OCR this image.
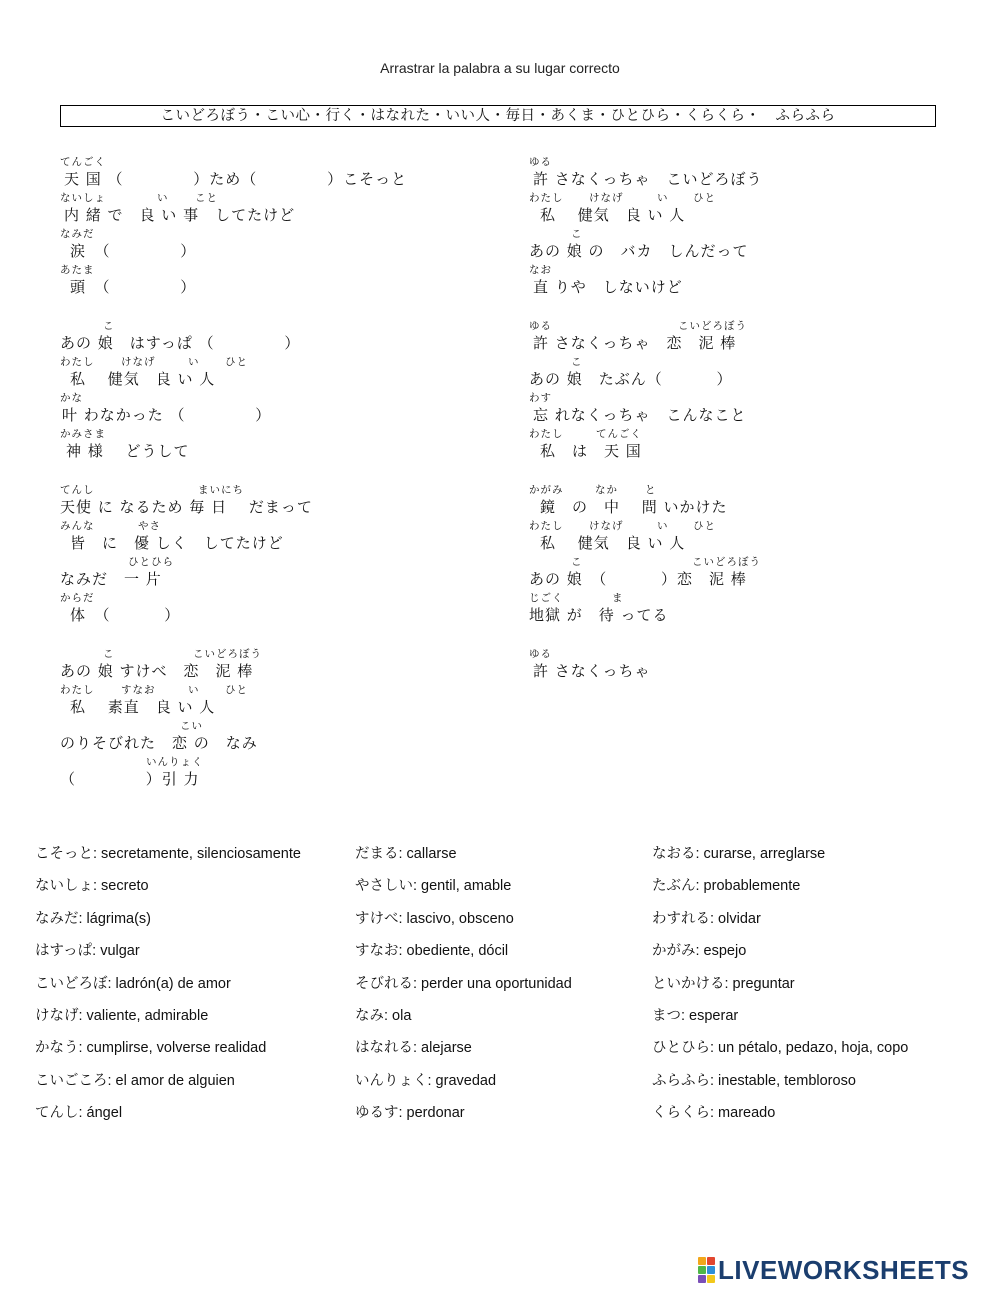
Arrastrar la palabra a su lugar correcto
こいどろぼう・こい心・行く・はなれた・いい人・毎日・あくま・ひとひら・くらくら・　ふらふら
天 国 （　　　　 ）ため（　　　　 ）こそっと
てんごく
内 緒 で　良 い 事　してたけど
ないしょ	い	こと
涙　（　　　　 ）
なみだ
頭　（　　　　 ）
あたま
あの 娘　はすっぱ （　　　　 ）
こ
私　 健気　良 い 人
わたし	けなげ	い ひと
叶 わなかった （　　　　 ）
かな
神 様　 どうして
かみさま
天使 に なるため 毎 日　 だまって
てんし	まいにち
皆　に　優 しく　してたけど
みんな	やさ
なみだ　一 片
ひとひら
体　（　　　 ）
からだ
あの 娘 すけべ　恋　泥 棒
こ	こいどろぼう
私　 素直　良 い 人
わたし	すなお	い ひと
のりそびれた　恋 の　なみ
こい
（　　　　 ）引 力
いんりょく
許 さなくっちゃ　こいどろぼう
ゆる
私　 健気　良 い 人
わたし けなげ	い ひと
あの 娘 の　バカ　しんだって
こ
直 りや　しないけど
なお
許 さなくっちゃ　恋　泥 棒
ゆる	こいどろぼう
あの 娘　たぶん（　　　 ）
こ
忘 れなくっちゃ　こんなこと
わす
私　は　天 国
わたし	てんごく
鏡　の　中　 問 いかけた
かがみ	なか	と
私　 健気　良 い 人
わたし けなげ	い ひと
あの 娘　（　　　 ）恋　泥 棒
こ	こいどろぼう
地獄 が　待 ってる
じごく	ま
許 さなくっちゃ
ゆる
こそっと: secretamente, silenciosamente
ないしょ: secreto
なみだ: lágrima(s)
はすっぱ: vulgar
こいどろぼ: ladrón(a) de amor
けなげ: valiente, admirable
かなう: cumplirse, volverse realidad
こいごころ: el amor de alguien
てんし: ángel
だまる: callarse
やさしい: gentil, amable
すけべ: lascivo, obsceno
すなお: obediente, dócil
そびれる: perder una oportunidad
なみ: ola
はなれる: alejarse
いんりょく: gravedad
ゆるす: perdonar
なおる: curarse, arreglarse
たぶん: probablemente
わすれる: olvidar
かがみ: espejo
といかける: preguntar
まつ: esperar
ひとひら: un pétalo, pedazo, hoja, copo
ふらふら: inestable, tembloroso
くらくら: mareado
LIVEWORKSHEETS
